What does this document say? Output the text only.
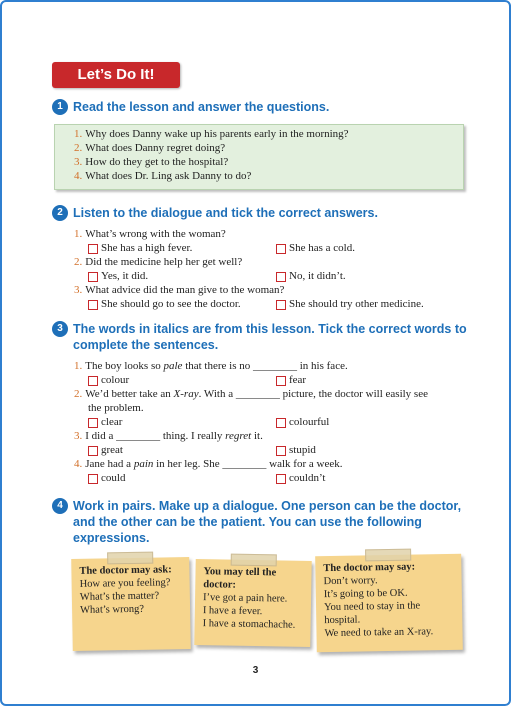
Let’s Do It!
1 Read the lesson and answer the questions.
1. Why does Danny wake up his parents early in the morning?
2. What does Danny regret doing?
3. How do they get to the hospital?
4. What does Dr. Ling ask Danny to do?
2 Listen to the dialogue and tick the correct answers.
1. What’s wrong with the woman?
She has a high fever.	She has a cold.
2. Did the medicine help her get well?
Yes, it did.	No, it didn’t.
3. What advice did the man give to the woman?
She should go to see the doctor.	She should try other medicine.
3 The words in italics are from this lesson. Tick the correct words to
complete the sentences.
1. The boy looks so pale that there is no ________ in his face.
colour	fear
2. We’d better take an X-ray. With a ________ picture, the doctor will easily see
the problem.
clear	colourful
3. I did a ________ thing. I really regret it.
great	stupid
4. Jane had a pain in her leg. She ________ walk for a week.
could	couldn’t
4 Work in pairs. Make up a dialogue. One person can be the doctor,
and the other can be the patient. You can use the following
expressions.
The doctor may ask:
How are you feeling?
What’s the matter?
What’s wrong?
You may tell the
doctor:
I’ve got a pain here.
I have a fever.
I have a stomachache.
The doctor may say:
Don’t worry.
It’s going to be OK.
You need to stay in the
hospital.
We need to take an X-ray.
3
